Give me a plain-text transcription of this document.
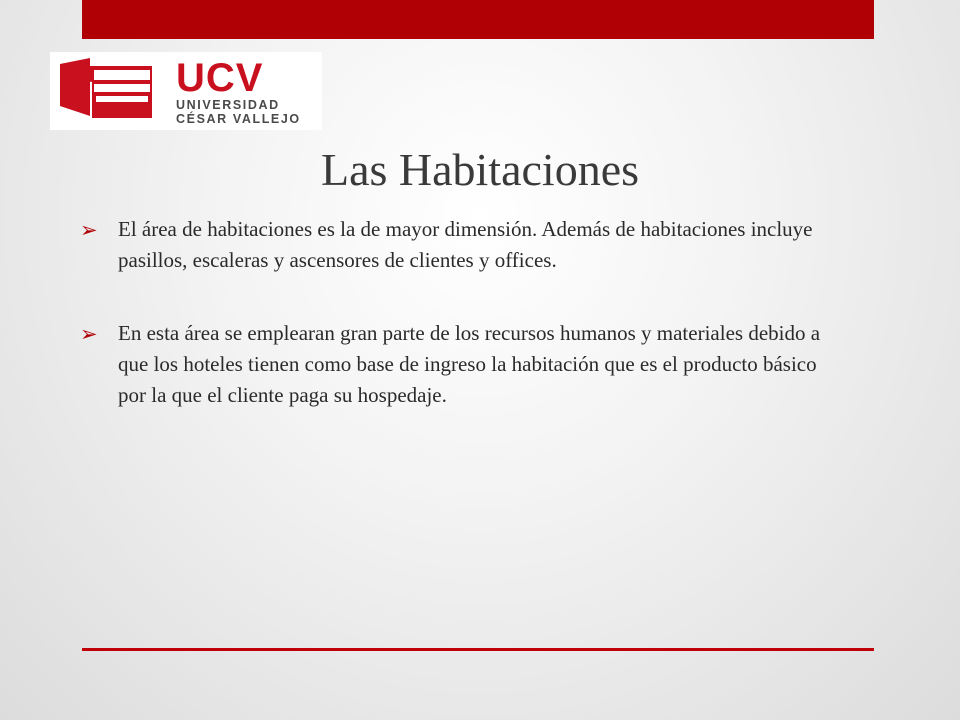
UCV
UNIVERSIDAD
CÉSAR VALLEJO
Las Habitaciones
➢ El área de habitaciones es la de mayor dimensión. Además de habitaciones incluye pasillos, escaleras y ascensores de clientes y offices.
➢ En esta área se emplearan gran parte de los recursos humanos y materiales debido a que los hoteles tienen como base de ingreso la habitación que es el producto básico por la que el cliente paga su hospedaje.
